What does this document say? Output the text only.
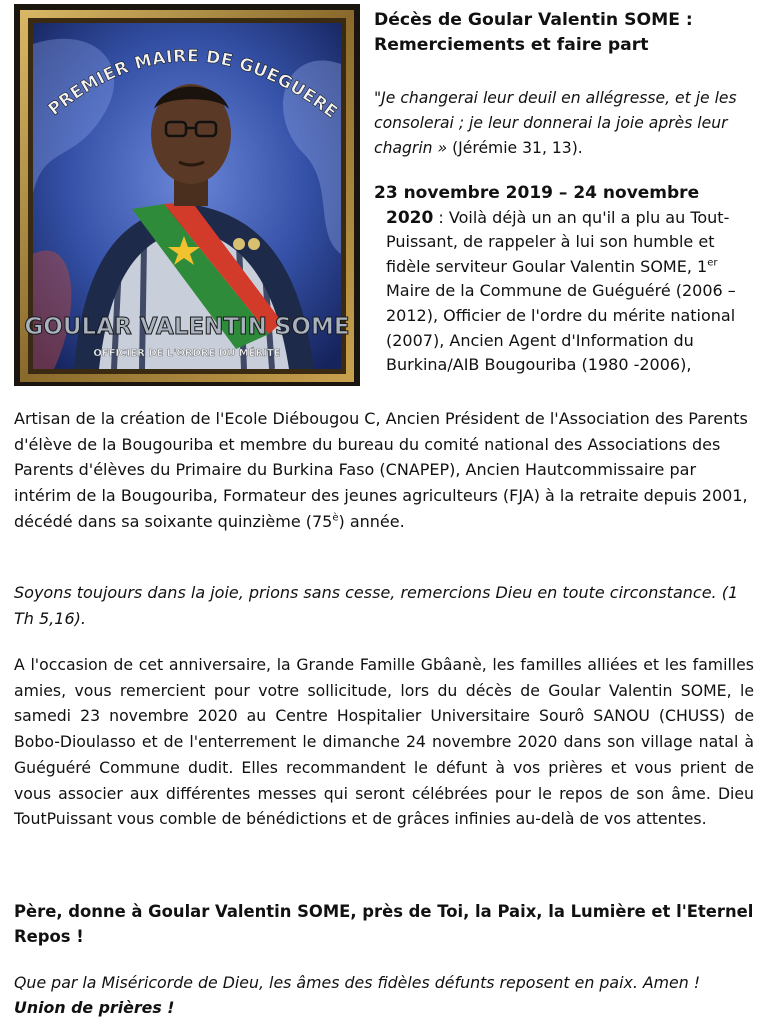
PREMIER MAIRE DE GUEGUERE
GOULAR VALENTIN SOME
OFFICIER DE L'ORDRE DU MÉRITE
Décès de Goular Valentin SOME :
Remerciements et faire part

"Je changerai leur deuil en allégresse, et je les consolerai ; je leur donnerai la joie après leur chagrin » (Jérémie 31, 13).

23 novembre 2019 – 24 novembre
2020 : Voilà déjà un an qu'il a plu au Tout-Puissant, de rappeler à lui son humble et fidèle serviteur Goular Valentin SOME, 1er Maire de la Commune de Guéguéré (2006 – 2012), Officier de l'ordre du mérite national (2007), Ancien Agent d'Information du Burkina/AIB Bougouriba (1980 -2006),

Artisan de la création de l'Ecole Diébougou C, Ancien Président de l'Association des Parents d'élève de la Bougouriba et membre du bureau du comité national des Associations des Parents d'élèves du Primaire du Burkina Faso (CNAPEP), Ancien Hautcommissaire par intérim de la Bougouriba, Formateur des jeunes agriculteurs (FJA) à la retraite depuis 2001, décédé dans sa soixante quinzième $(75^è)$ année.

Soyons toujours dans la joie, prions sans cesse, remercions Dieu en toute circonstance. (1 Th 5,16).

A l'occasion de cet anniversaire, la Grande Famille Gbâanè, les familles alliées et les familles amies, vous remercient pour votre sollicitude, lors du décès de Goular Valentin SOME, le samedi 23 novembre 2020 au Centre Hospitalier Universitaire Sourô SANOU (CHUSS) de Bobo-Dioulasso et de l'enterrement le dimanche 24 novembre 2020 dans son village natal à Guéguéré Commune dudit. Elles recommandent le défunt à vos prières et vous prient de vous associer aux différentes messes qui seront célébrées pour le repos de son âme. Dieu ToutPuissant vous comble de bénédictions et de grâces infinies au-delà de vos attentes.

Père, donne à Goular Valentin SOME, près de Toi, la Paix, la Lumière et l'Eternel Repos !

Que par la Miséricorde de Dieu, les âmes des fidèles défunts reposent en paix. Amen ! Union de prières !
